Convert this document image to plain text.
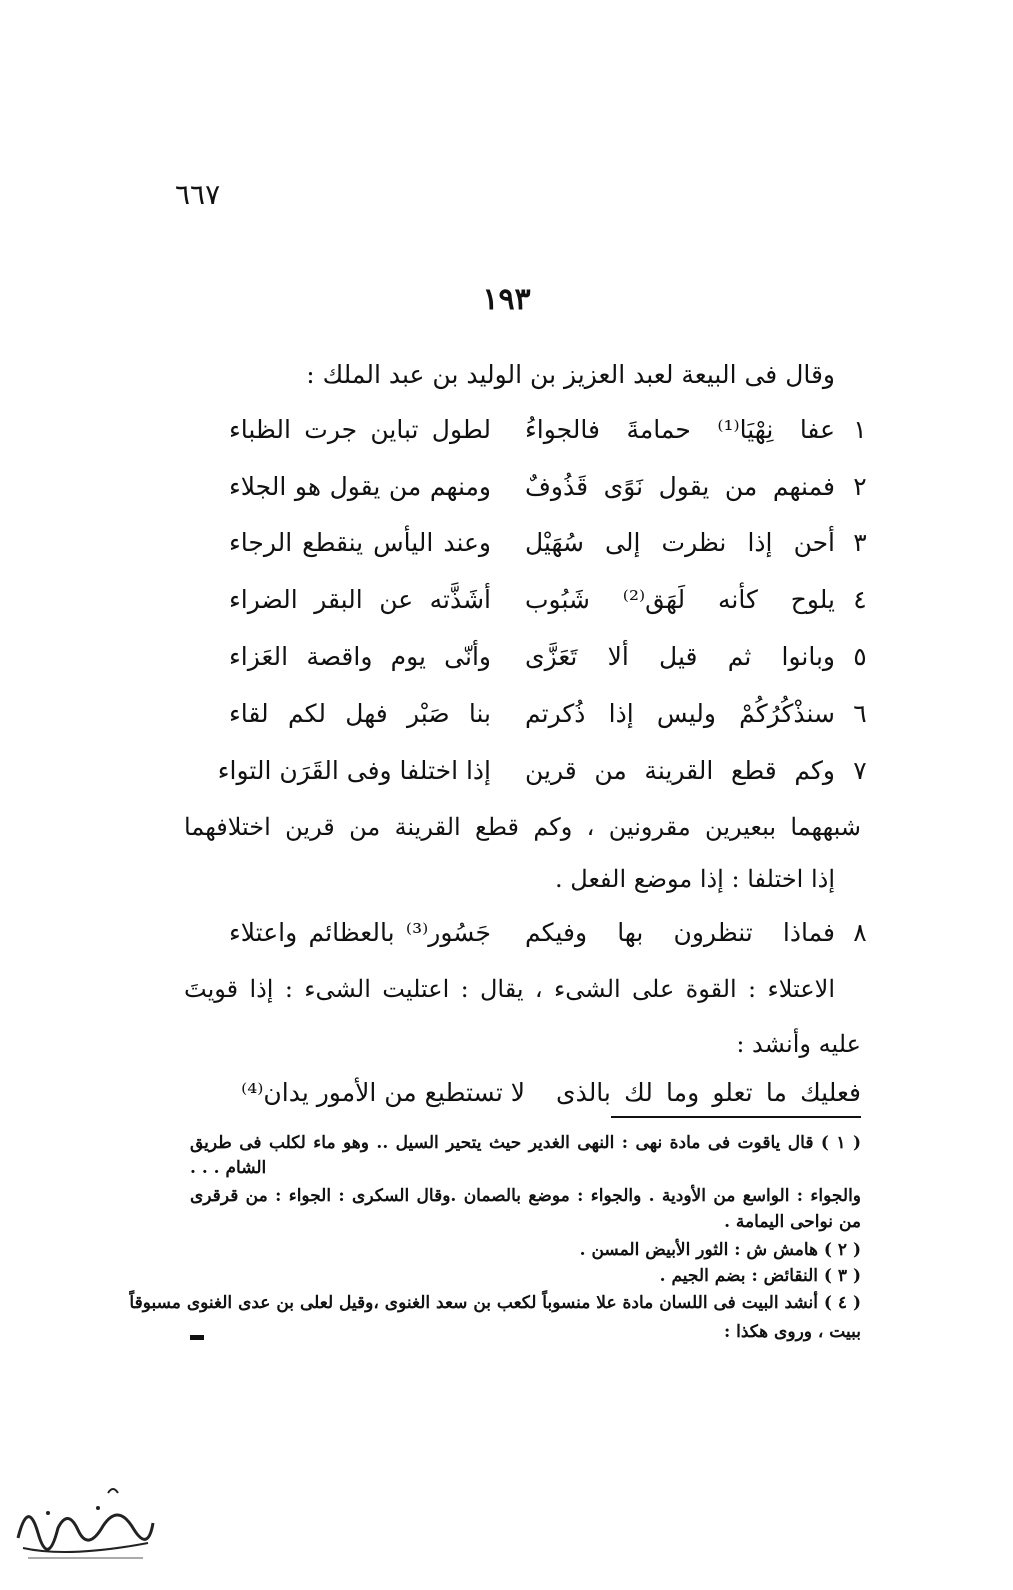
٦٦٧
١٩٣
وقال فى البيعة لعبد العزيز بن الوليد بن عبد الملك :
١
عفا نِهْيَا⁽¹⁾ حمامةَ فالجواءُ
لطول تباين جرت الظباء
٢
فمنهم من يقول نَوًى قَذُوفٌ
ومنهم من يقول هو الجلاء
٣
أحن إذا نظرت إلى سُهَيْل
وعند اليأس ينقطع الرجاء
٤
يلوح كأنه لَهَق⁽²⁾ شَبُوب
أشَذَّته عن البقر الضراء
٥
وبانوا ثم قيل ألا تَعَزَّى
وأنّى يوم واقصة العَزاء
٦
سنذْكُرُكُمْ وليس إذا ذُكرتم
بنا صَبْر فهل لكم لقاء
٧
وكم قطع القرينة من قرين
إذا اختلفا وفى القَرَن التواء
شبههما ببعيرين مقرونين ، وكم قطع القرينة من قرين اختلافهما
إذا اختلفا : إذا موضع الفعل .
٨
فماذا تنظرون بها وفيكم
جَسُور⁽³⁾ بالعظائم واعتلاء
الاعتلاء : القوة على الشىء ، يقال : اعتليت الشىء : إذا قويتَ
عليه وأنشد :
فعليك ما تعلو وما لك بالذى
لا تستطيع من الأمور يدان⁽⁴⁾
( ١ ) قال ياقوت فى مادة نهى : النهى الغدير حيث يتحير السيل .. وهو ماء لكلب فى طريق
الشام . . .
والجواء : الواسع من الأودية . والجواء : موضع بالصمان .وقال السكرى : الجواء : من قرقرى
من نواحى اليمامة .
( ٢ ) هامش ش : الثور الأبيض المسن .
( ٣ ) النقائض : بضم الجيم .
( ٤ ) أنشد البيت فى اللسان مادة علا منسوباً لكعب بن سعد الغنوى ،وقيل لعلى بن عدى الغنوى مسبوقاً
ببيت ، وروى هكذا :
